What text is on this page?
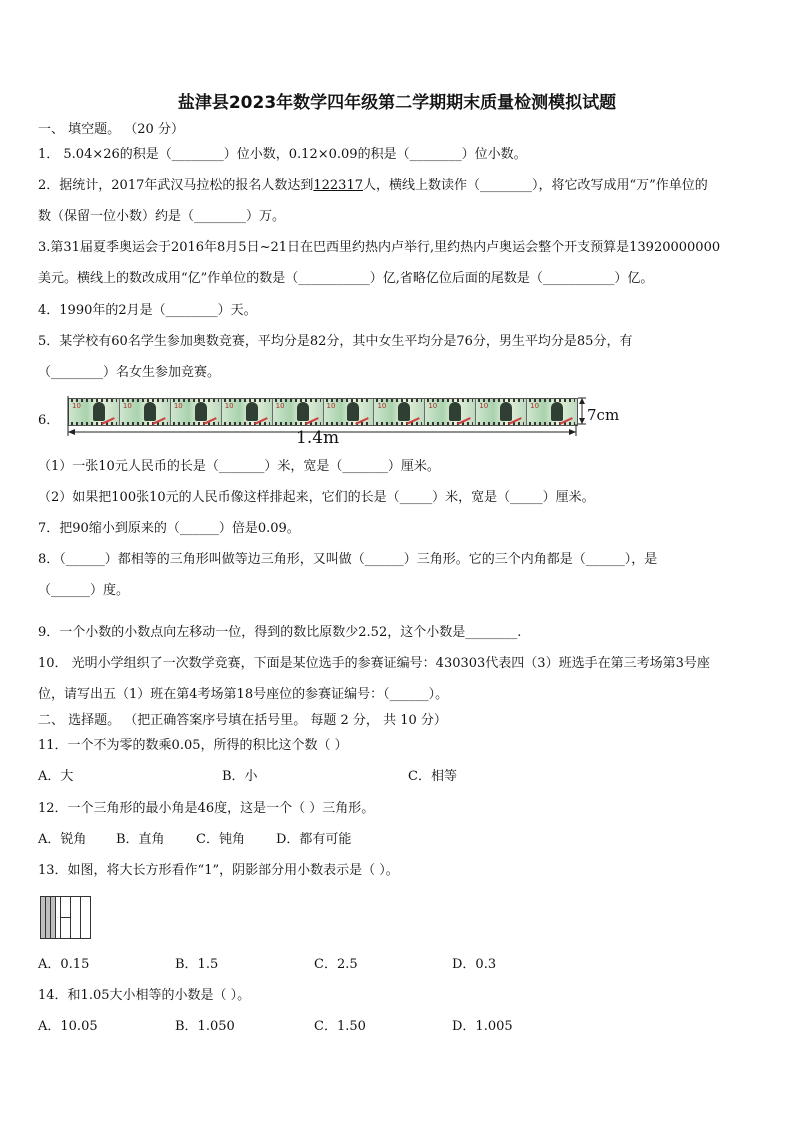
盐津县2023年数学四年级第二学期期末质量检测模拟试题
一、 填空题。 （20 分）
1． 5.04×26的积是（________）位小数，0.12×0.09的积是（________）位小数。
2．据统计，2017年武汉马拉松的报名人数达到122317人，横线上数读作（________），将它改写成用“万”作单位的
数（保留一位小数）约是（________）万。
3.第31届夏季奥运会于2016年8月5日~21日在巴西里约热内卢举行,里约热内卢奥运会整个开支预算是13920000000
美元。横线上的数改成用“亿”作单位的数是（___________）亿,省略亿位后面的尾数是（___________）亿。
4．1990年的2月是（________）天。
5．某学校有60名学生参加奥数竞赛，平均分是82分，其中女生平均分是76分，男生平均分是85分，有
（________）名女生参加竞赛。
6．
10	10	10	10	10	10	10	10	10	10	7cm
1.4m
（1）一张10元人民币的长是（_______）米，宽是（_______）厘米。
（2）如果把100张10元的人民币像这样排起来，它们的长是（_____）米，宽是（_____）厘米。
7．把90缩小到原来的（______）倍是0.09。
8．（______）都相等的三角形叫做等边三角形，又叫做（______）三角形。它的三个内角都是（______），是
（______）度。
9．一个小数的小数点向左移动一位，得到的数比原数少2.52，这个小数是________.
10． 光明小学组织了一次数学竞赛，下面是某位选手的参赛证编号：430303代表四（3）班选手在第三考场第3号座
位，请写出五（1）班在第4考场第18号座位的参赛证编号：（______）。
二、 选择题。 （把正确答案序号填在括号里。 每题 2 分， 共 10 分）
11．一个不为零的数乘0.05，所得的积比这个数（ ）
A．大	B．小	C．相等
12．一个三角形的最小角是46度，这是一个（ ）三角形。
A．锐角 B．直角 C．钝角 D．都有可能
13．如图，将大长方形看作“1”，阴影部分用小数表示是（ ）。
A．0.15	B．1.5	C．2.5	D．0.3
14．和1.05大小相等的小数是（ ）。
A．10.05	B．1.050	C．1.50	D．1.005
